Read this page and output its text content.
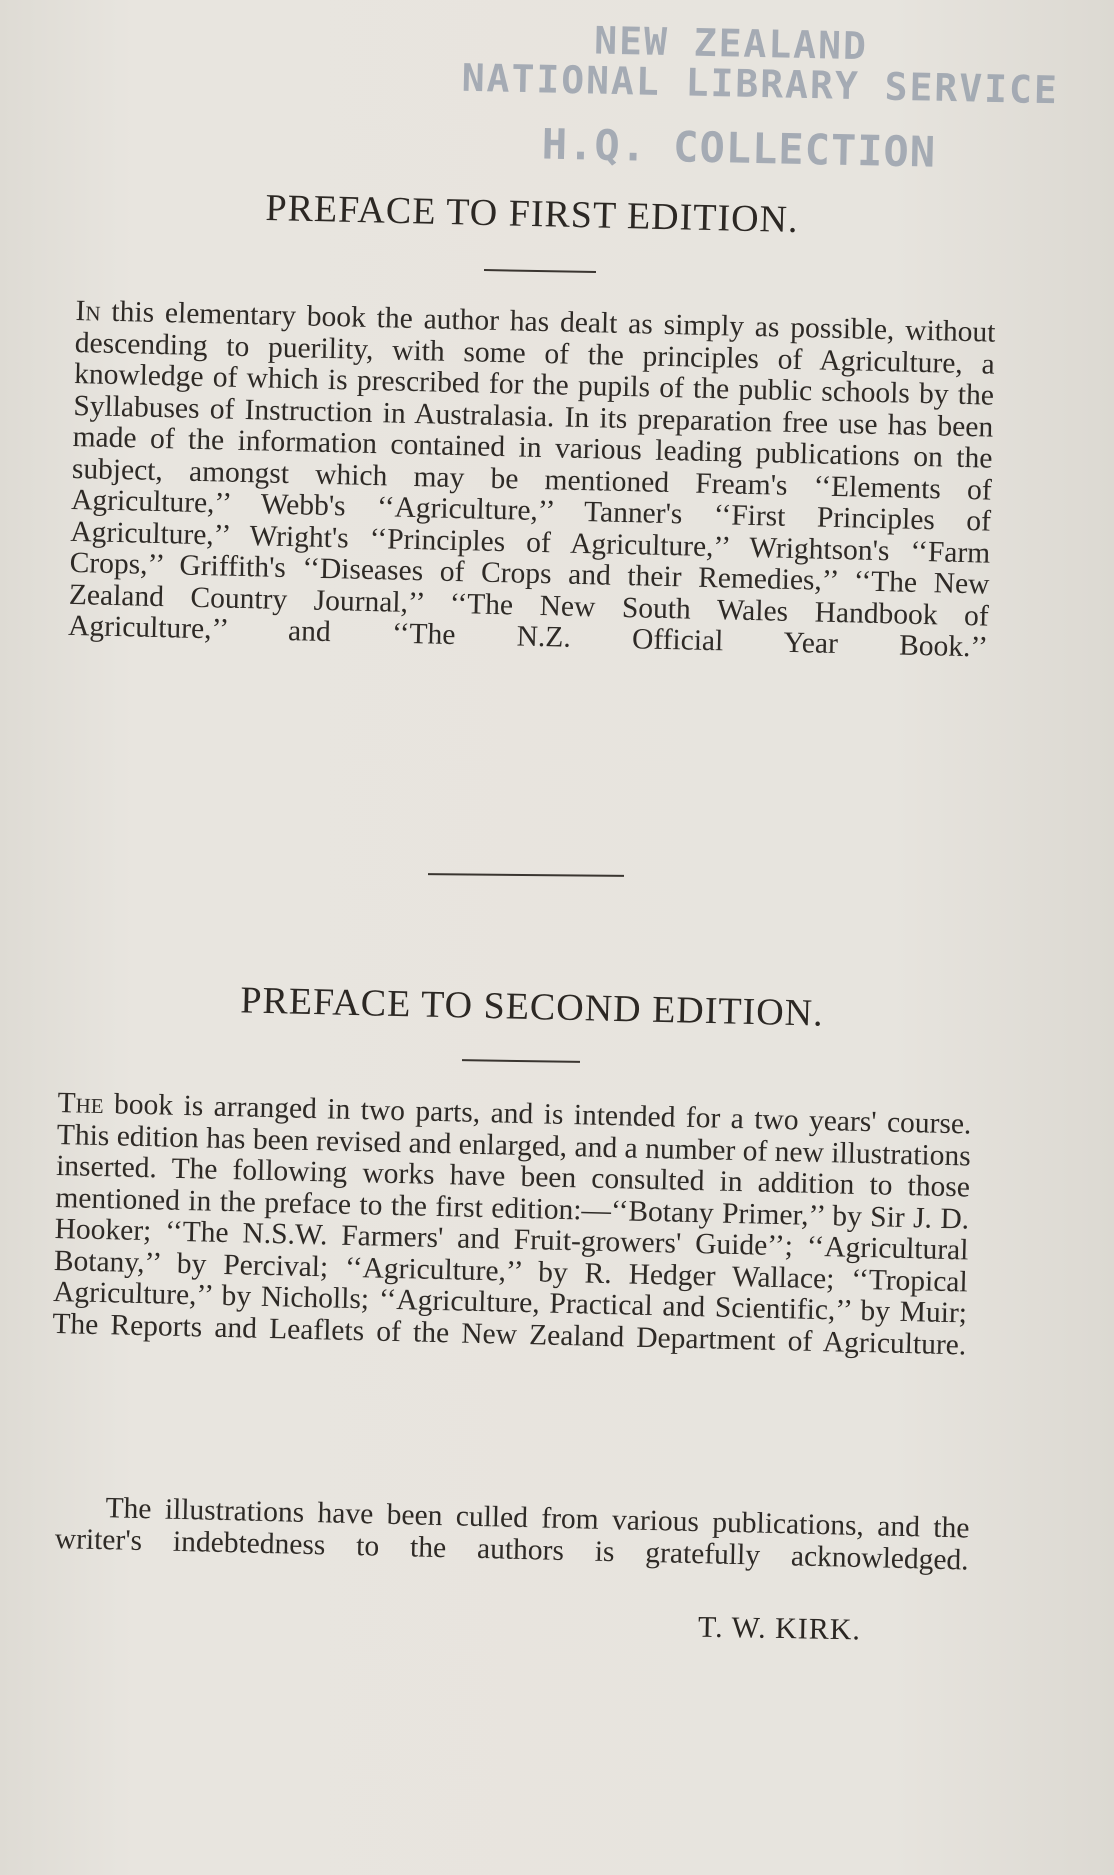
NEW ZEALAND
NATIONAL LIBRARY SERVICE
H.Q. COLLECTION
PREFACE TO FIRST EDITION.
In this elementary book the author has dealt as simply as possible, without descending to puerility, with some of the principles of Agriculture, a knowledge of which is prescribed for the pupils of the public schools by the Syllabuses of Instruction in Australasia. In its preparation free use has been made of the information contained in various leading publications on the subject, amongst which may be mentioned Fream's ‘‘Elements of Agriculture,’’ Webb's ‘‘Agriculture,’’ Tanner's ‘‘First Principles of Agriculture,’’ Wright's ‘‘Principles of Agriculture,’’ Wrightson's ‘‘Farm Crops,’’ Griffith's ‘‘Diseases of Crops and their Remedies,’’ ‘‘The New Zealand Country Journal,’’ ‘‘The New South Wales Handbook of Agriculture,’’ and ‘‘The N.Z. Official Year Book.’’
PREFACE TO SECOND EDITION.
The book is arranged in two parts, and is intended for a two years' course. This edition has been revised and enlarged, and a number of new illustrations inserted. The following works have been consulted in addition to those mentioned in the preface to the first edition:—‘‘Botany Primer,’’ by Sir J. D. Hooker; ‘‘The N.S.W. Farmers' and Fruit-growers' Guide’’; ‘‘Agricultural Botany,’’ by Percival; ‘‘Agriculture,’’ by R. Hedger Wallace; ‘‘Tropical Agriculture,’’ by Nicholls; ‘‘Agriculture, Practical and Scientific,’’ by Muir; The Reports and Leaflets of the New Zealand Department of Agriculture.
The illustrations have been culled from various publications, and the writer's indebtedness to the authors is gratefully acknowledged.
T. W. KIRK.
